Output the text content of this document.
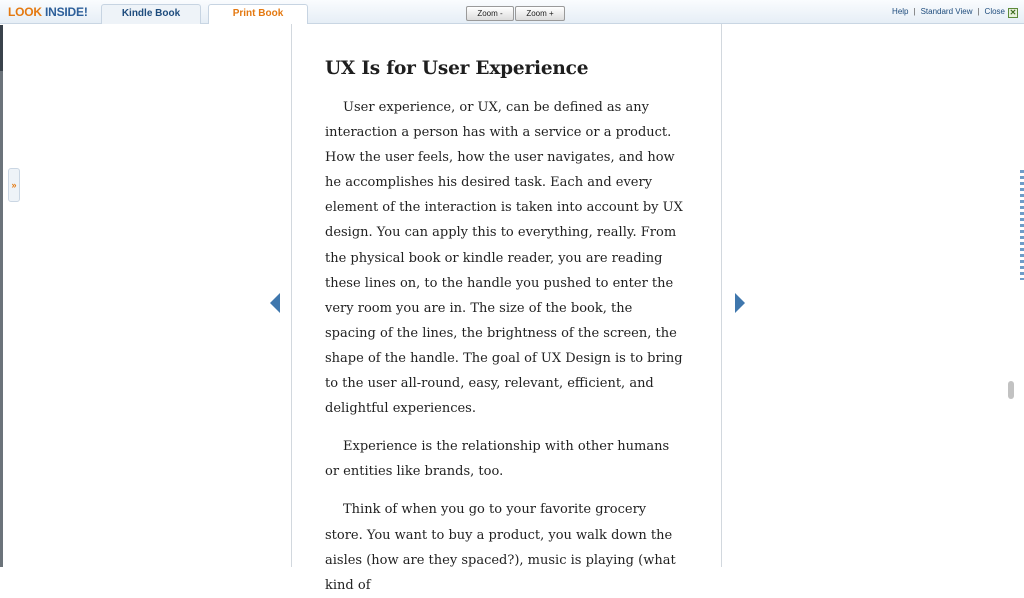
LOOK INSIDE!	Kindle Book	Print Book	Zoom -	Zoom +	Help | Standard View | Close ✕
»
UX Is for User Experience

User experience, or UX, can be defined as any interaction a person has with a service or a product. How the user feels, how the user navigates, and how he accomplishes his desired task. Each and every element of the interaction is taken into account by UX design. You can apply this to everything, really. From the physical book or kindle reader, you are reading these lines on, to the handle you pushed to enter the very room you are in. The size of the book, the spacing of the lines, the brightness of the screen, the shape of the handle. The goal of UX Design is to bring to the user all-round, easy, relevant, efficient, and delightful experiences.

Experience is the relationship with other humans or entities like brands, too.

Think of when you go to your favorite grocery store. You want to buy a product, you walk down the aisles (how are they spaced?), music is playing (what kind of
